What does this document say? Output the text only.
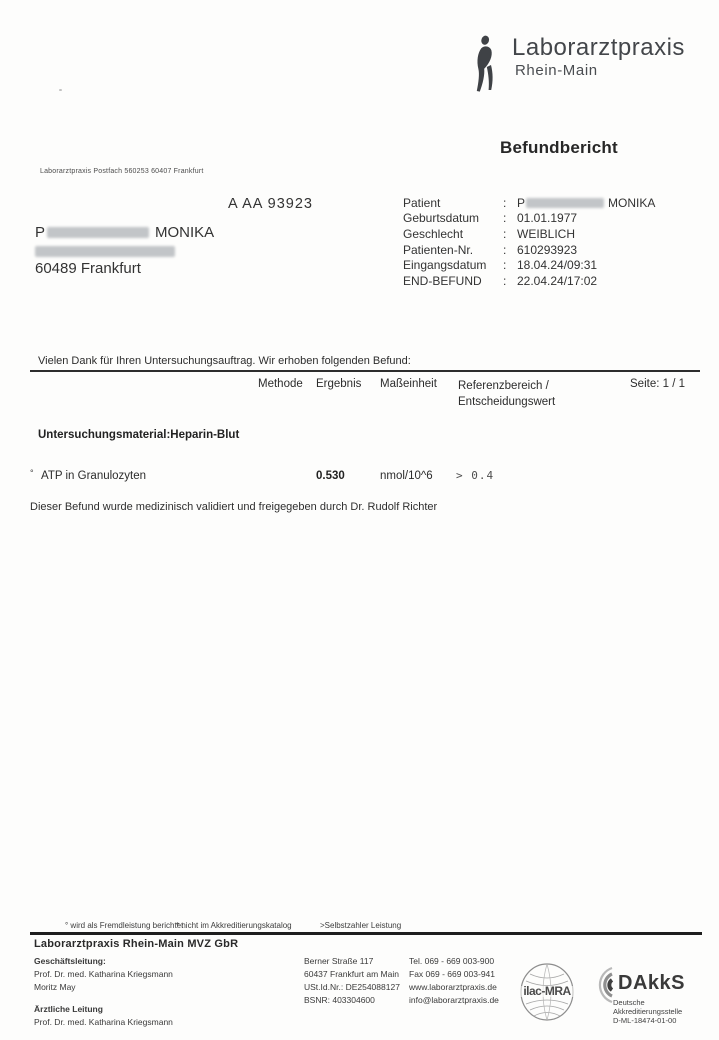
Laborarztpraxis
Rhein-Main
Befundbericht
Laborarztpraxis Postfach 560253 60407 Frankfurt
A AA 93923
P	MONIKA
60489 Frankfurt
Patient	: P	MONIKA
Geburtsdatum	: 01.01.1977
Geschlecht	: WEIBLICH
Patienten-Nr.	: 610293923
Eingangsdatum	: 18.04.24/09:31
END-BEFUND	: 22.04.24/17:02
Vielen Dank für Ihren Untersuchungsauftrag. Wir erhoben folgenden Befund:
Methode Ergebnis Maßeinheit Referenzbereich /
Entscheidungswert
Seite: 1 / 1
Untersuchungsmaterial:Heparin-Blut
° ATP in Granulozyten	0.530	nmol/10^6 > 0.4
Dieser Befund wurde medizinisch validiert und freigegeben durch Dr. Rudolf Richter
° wird als Fremdleistung berichtet
* nicht im Akkreditierungskatalog	>Selbstzahler Leistung
Laborarztpraxis Rhein-Main MVZ GbR
Geschäftsleitung:
Prof. Dr. med. Katharina Kriegsmann
Moritz May
Ärztliche Leitung
Prof. Dr. med. Katharina Kriegsmann
Berner Straße 117
60437 Frankfurt am Main
USt.Id.Nr.: DE254088127
BSNR: 403304600
Tel. 069 - 669 003-900
Fax 069 - 669 003-941
www.laborarztpraxis.de
info@laborarztpraxis.de
ilac-MRA DAkkS
Deutsche
Akkreditierungsstelle
D-ML-18474-01-00
